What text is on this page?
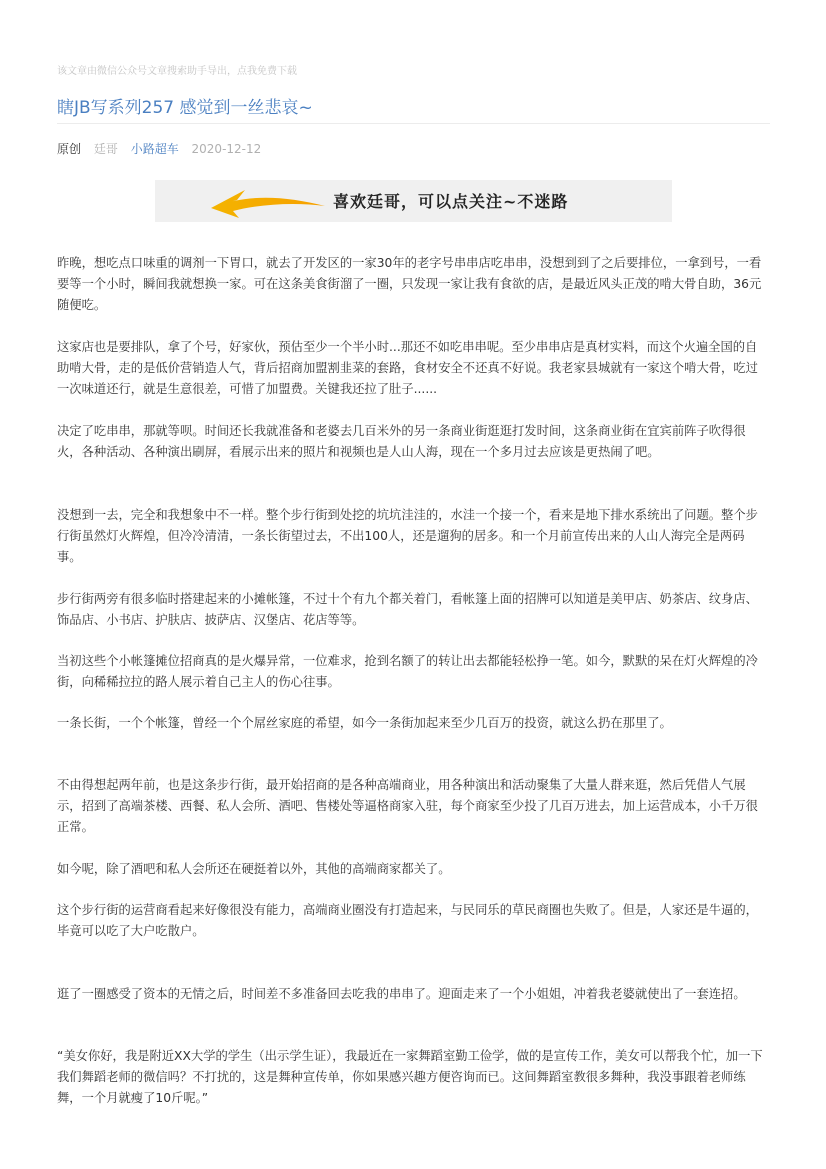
该文章由微信公众号文章搜索助手导出，点我免费下载
瞎JB写系列257 感觉到一丝悲哀~
原创 廷哥 小路超车 2020-12-12
喜欢廷哥，可以点关注~不迷路

昨晚，想吃点口味重的调剂一下胃口，就去了开发区的一家30年的老字号串串店吃串串，没想到到了之后要排位，一拿到号，一看要等一个小时，瞬间我就想换一家。可在这条美食街溜了一圈，只发现一家让我有食欲的店，是最近风头正茂的啃大骨自助，36元随便吃。

这家店也是要排队，拿了个号，好家伙，预估至少一个半小时...那还不如吃串串呢。至少串串店是真材实料，而这个火遍全国的自助啃大骨，走的是低价营销造人气，背后招商加盟割韭菜的套路，食材安全不还真不好说。我老家县城就有一家这个啃大骨，吃过一次味道还行，就是生意很差，可惜了加盟费。关键我还拉了肚子......

决定了吃串串，那就等呗。时间还长我就准备和老婆去几百米外的另一条商业街逛逛打发时间，这条商业街在宜宾前阵子吹得很火，各种活动、各种演出刷屏，看展示出来的照片和视频也是人山人海，现在一个多月过去应该是更热闹了吧。

没想到一去，完全和我想象中不一样。整个步行街到处挖的坑坑洼洼的，水洼一个接一个，看来是地下排水系统出了问题。整个步行街虽然灯火辉煌，但冷冷清清，一条长街望过去，不出100人，还是遛狗的居多。和一个月前宣传出来的人山人海完全是两码事。

步行街两旁有很多临时搭建起来的小摊帐篷，不过十个有九个都关着门，看帐篷上面的招牌可以知道是美甲店、奶茶店、纹身店、饰品店、小书店、护肤店、披萨店、汉堡店、花店等等。

当初这些个小帐篷摊位招商真的是火爆异常，一位难求，抢到名额了的转让出去都能轻松挣一笔。如今，默默的呆在灯火辉煌的冷街，向稀稀拉拉的路人展示着自己主人的伤心往事。

一条长街，一个个帐篷，曾经一个个屌丝家庭的希望，如今一条街加起来至少几百万的投资，就这么扔在那里了。

不由得想起两年前，也是这条步行街，最开始招商的是各种高端商业，用各种演出和活动聚集了大量人群来逛，然后凭借人气展示，招到了高端茶楼、西餐、私人会所、酒吧、售楼处等逼格商家入驻，每个商家至少投了几百万进去，加上运营成本，小千万很正常。

如今呢，除了酒吧和私人会所还在硬挺着以外，其他的高端商家都关了。

这个步行街的运营商看起来好像很没有能力，高端商业圈没有打造起来，与民同乐的草民商圈也失败了。但是，人家还是牛逼的，毕竟可以吃了大户吃散户。

逛了一圈感受了资本的无情之后，时间差不多准备回去吃我的串串了。迎面走来了一个小姐姐，冲着我老婆就使出了一套连招。

“美女你好，我是附近XX大学的学生（出示学生证），我最近在一家舞蹈室勤工俭学，做的是宣传工作，美女可以帮我个忙，加一下我们舞蹈老师的微信吗？不打扰的，这是舞种宣传单，你如果感兴趣方便咨询而已。这间舞蹈室教很多舞种，我没事跟着老师练舞，一个月就瘦了10斤呢。”
